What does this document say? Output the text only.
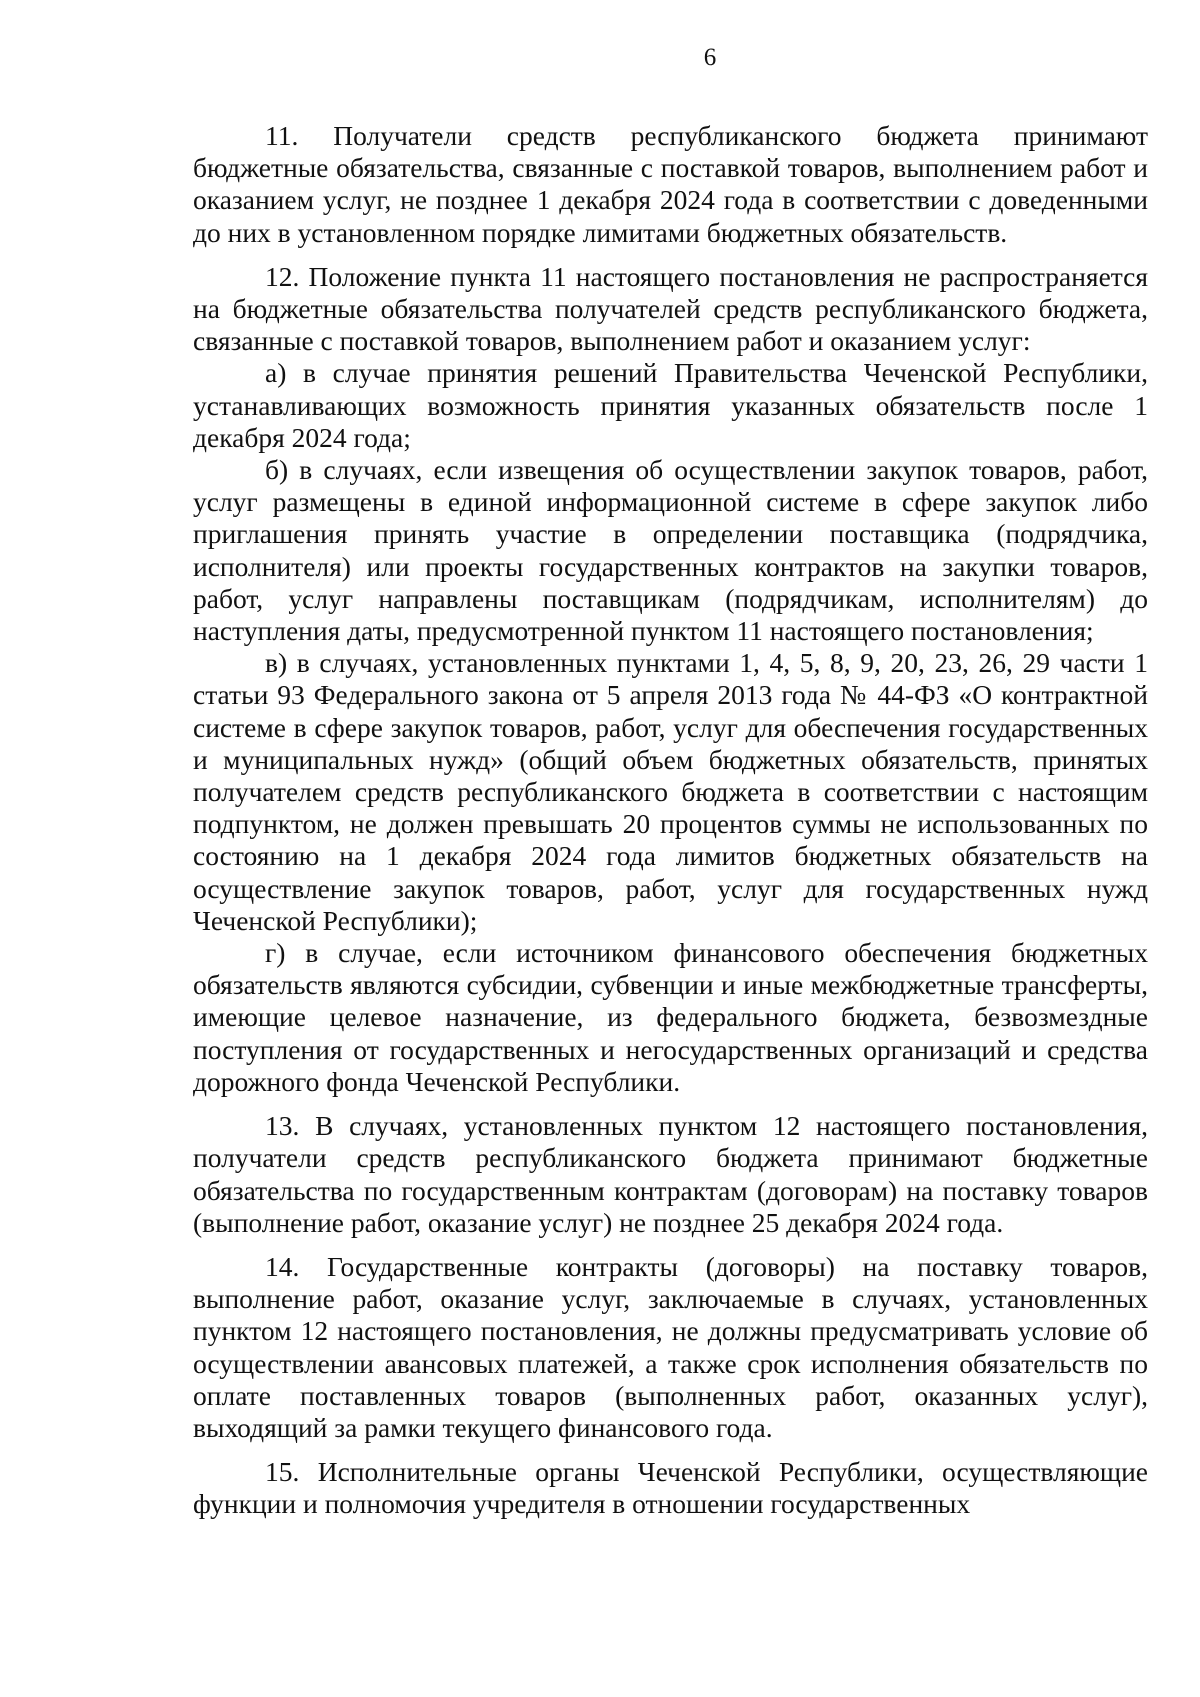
6

11. Получатели средств республиканского бюджета принимают бюджетные обязательства, связанные с поставкой товаров, выполнением работ и оказанием услуг, не позднее 1 декабря 2024 года в соответствии с доведенными до них в установленном порядке лимитами бюджетных обязательств.

12. Положение пункта 11 настоящего постановления не распространяется на бюджетные обязательства получателей средств республиканского бюджета, связанные с поставкой товаров, выполнением работ и оказанием услуг:

а) в случае принятия решений Правительства Чеченской Республики, устанавливающих возможность принятия указанных обязательств после 1 декабря 2024 года;

б) в случаях, если извещения об осуществлении закупок товаров, работ, услуг размещены в единой информационной системе в сфере закупок либо приглашения принять участие в определении поставщика (подрядчика, исполнителя) или проекты государственных контрактов на закупки товаров, работ, услуг направлены поставщикам (подрядчикам, исполнителям) до наступления даты, предусмотренной пунктом 11 настоящего постановления;

в) в случаях, установленных пунктами 1, 4, 5, 8, 9, 20, 23, 26, 29 части 1 статьи 93 Федерального закона от 5 апреля 2013 года № 44-ФЗ «О контрактной системе в сфере закупок товаров, работ, услуг для обеспечения государственных и муниципальных нужд» (общий объем бюджетных обязательств, принятых получателем средств республиканского бюджета в соответствии с настоящим подпунктом, не должен превышать 20 процентов суммы не использованных по состоянию на 1 декабря 2024 года лимитов бюджетных обязательств на осуществление закупок товаров, работ, услуг для государственных нужд Чеченской Республики);

г) в случае, если источником финансового обеспечения бюджетных обязательств являются субсидии, субвенции и иные межбюджетные трансферты, имеющие целевое назначение, из федерального бюджета, безвозмездные поступления от государственных и негосударственных организаций и средства дорожного фонда Чеченской Республики.

13. В случаях, установленных пунктом 12 настоящего постановления, получатели средств республиканского бюджета принимают бюджетные обязательства по государственным контрактам (договорам) на поставку товаров (выполнение работ, оказание услуг) не позднее 25 декабря 2024 года.

14. Государственные контракты (договоры) на поставку товаров, выполнение работ, оказание услуг, заключаемые в случаях, установленных пунктом 12 настоящего постановления, не должны предусматривать условие об осуществлении авансовых платежей, а также срок исполнения обязательств по оплате поставленных товаров (выполненных работ, оказанных услуг), выходящий за рамки текущего финансового года.

15. Исполнительные органы Чеченской Республики, осуществляющие функции и полномочия учредителя в отношении государственных
